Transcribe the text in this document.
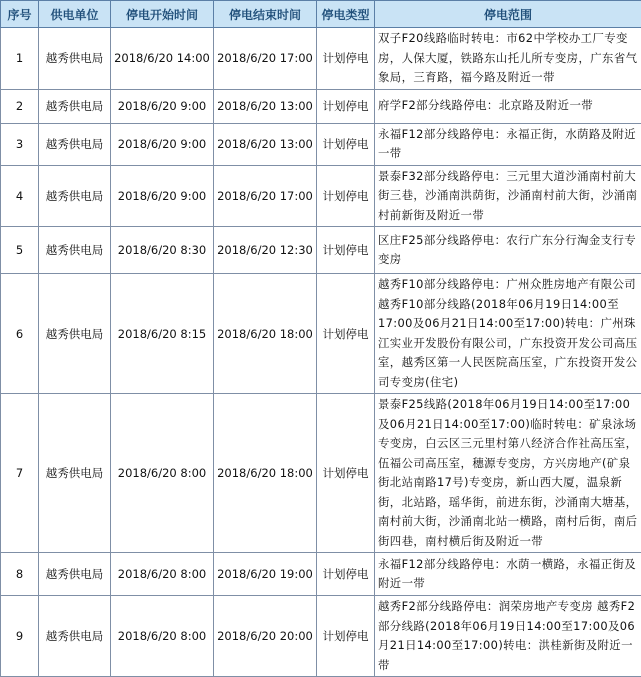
序号	供电单位	停电开始时间	停电结束时间	停电类型	停电范围
1	越秀供电局	2018/6/20 14:00	2018/6/20 17:00	计划停电	双子F20线路临时转电：市62中学校办工厂专变房，人保大厦，铁路东山托儿所专变房，广东省气象局，三育路，福今路及附近一带
2	越秀供电局	2018/6/20 9:00	2018/6/20 13:00	计划停电	府学F2部分线路停电：北京路及附近一带
3	越秀供电局	2018/6/20 9:00	2018/6/20 13:00	计划停电	永福F12部分线路停电：永福正街，水荫路及附近一带
4	越秀供电局	2018/6/20 9:00	2018/6/20 17:00	计划停电	景泰F32部分线路停电：三元里大道沙涌南村前大街三巷，沙涌南洪荫街，沙涌南村前大街，沙涌南村前新街及附近一带
5	越秀供电局	2018/6/20 8:30	2018/6/20 12:30	计划停电	区庄F25部分线路停电：农行广东分行淘金支行专变房
6	越秀供电局	2018/6/20 8:15	2018/6/20 18:00	计划停电	越秀F10部分线路停电：广州众胜房地产有限公司 越秀F10部分线路(2018年06月19日14:00至17:00及06月21日14:00至17:00)转电：广州珠江实业开发股份有限公司，广东投资开发公司高压室，越秀区第一人民医院高压室，广东投资开发公司专变房(住宅)
7	越秀供电局	2018/6/20 8:00	2018/6/20 18:00	计划停电	景泰F25线路(2018年06月19日14:00至17:00及06月21日14:00至17:00)临时转电：矿泉泳场专变房，白云区三元里村第八经济合作社高压室，伍福公司高压室，穗源专变房，方兴房地产(矿泉街北站南路17号)专变房，新山西大厦，温泉新街，北站路，瑶华街，前进东街，沙涌南大塘基，南村前大街，沙涌南北站一横路，南村后街，南后街四巷，南村横后街及附近一带
8	越秀供电局	2018/6/20 8:00	2018/6/20 19:00	计划停电	永福F12部分线路停电：水荫一横路，永福正街及附近一带
9	越秀供电局	2018/6/20 8:00	2018/6/20 20:00	计划停电	越秀F2部分线路停电：润荣房地产专变房 越秀F2部分线路(2018年06月19日14:00至17:00及06月21日14:00至17:00)转电：洪桂新街及附近一带
